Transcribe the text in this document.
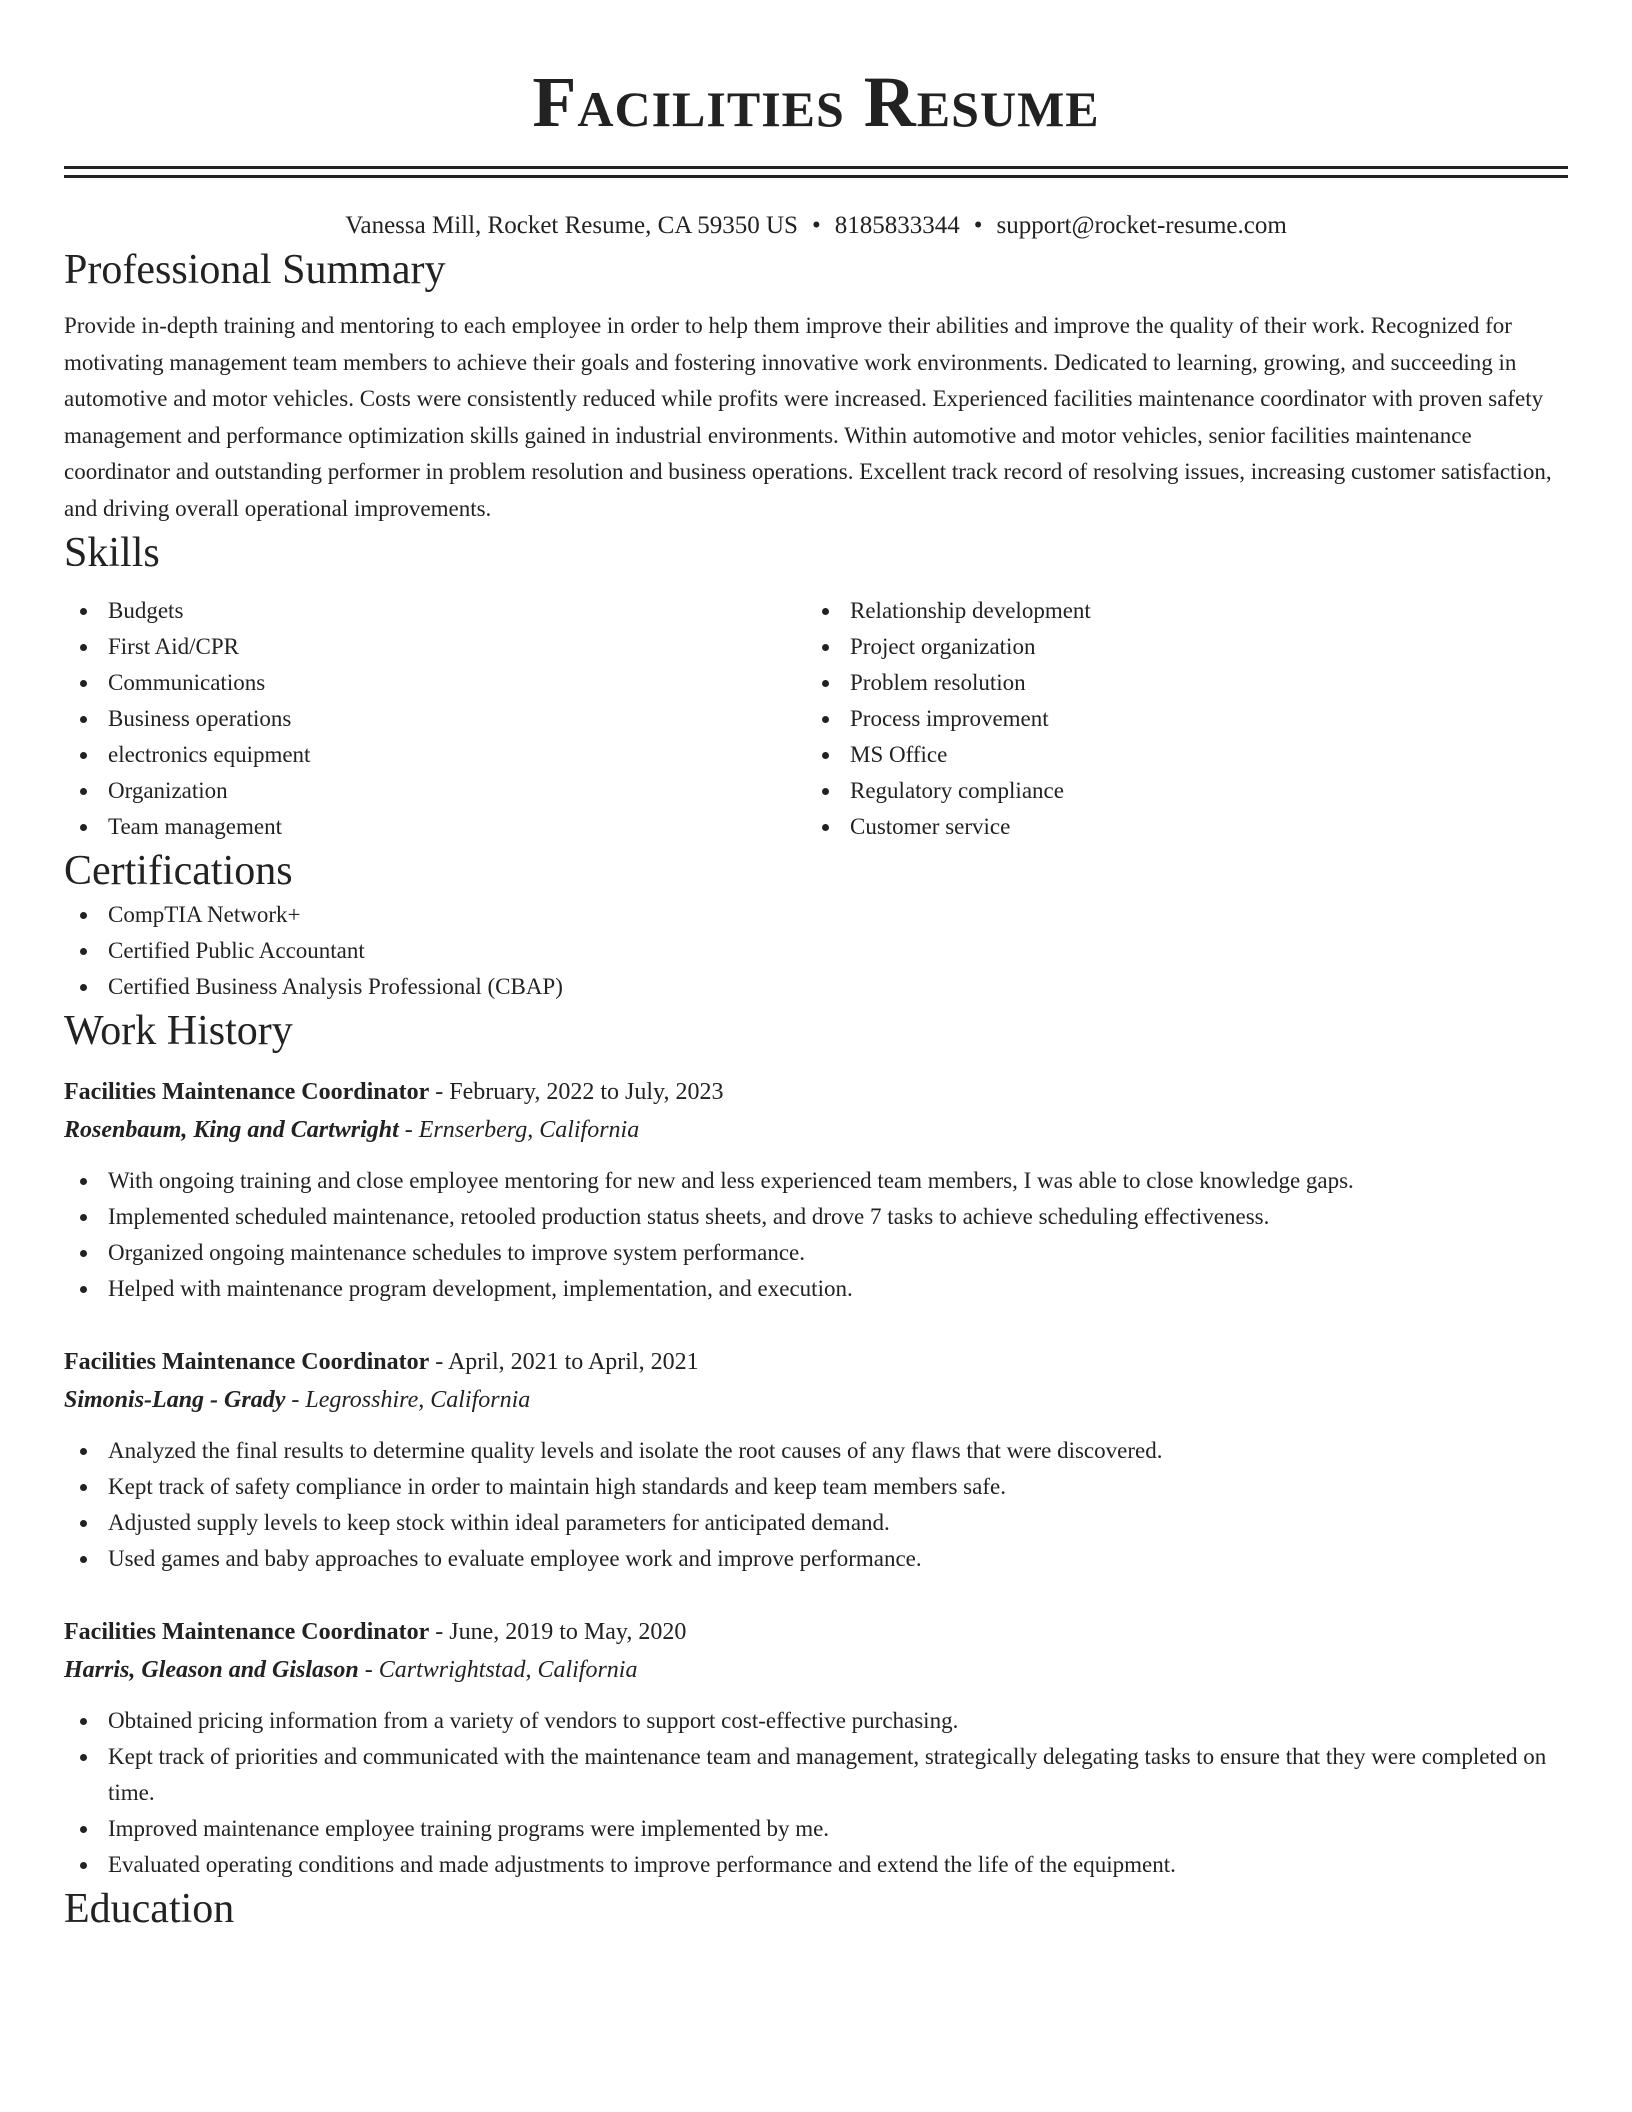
Facilities Resume
Vanessa Mill, Rocket Resume, CA 59350 US • 8185833344 • support@rocket-resume.com
Professional Summary
Provide in-depth training and mentoring to each employee in order to help them improve their abilities and improve the quality of their work. Recognized for motivating management team members to achieve their goals and fostering innovative work environments. Dedicated to learning, growing, and succeeding in automotive and motor vehicles. Costs were consistently reduced while profits were increased. Experienced facilities maintenance coordinator with proven safety management and performance optimization skills gained in industrial environments. Within automotive and motor vehicles, senior facilities maintenance coordinator and outstanding performer in problem resolution and business operations. Excellent track record of resolving issues, increasing customer satisfaction, and driving overall operational improvements.
Skills
Budgets
First Aid/CPR
Communications
Business operations
electronics equipment
Organization
Team management
Relationship development
Project organization
Problem resolution
Process improvement
MS Office
Regulatory compliance
Customer service
Certifications
CompTIA Network+
Certified Public Accountant
Certified Business Analysis Professional (CBAP)
Work History
Facilities Maintenance Coordinator - February, 2022 to July, 2023
Rosenbaum, King and Cartwright - Ernserberg, California
With ongoing training and close employee mentoring for new and less experienced team members, I was able to close knowledge gaps.
Implemented scheduled maintenance, retooled production status sheets, and drove 7 tasks to achieve scheduling effectiveness.
Organized ongoing maintenance schedules to improve system performance.
Helped with maintenance program development, implementation, and execution.
Facilities Maintenance Coordinator - April, 2021 to April, 2021
Simonis-Lang - Grady - Legrosshire, California
Analyzed the final results to determine quality levels and isolate the root causes of any flaws that were discovered.
Kept track of safety compliance in order to maintain high standards and keep team members safe.
Adjusted supply levels to keep stock within ideal parameters for anticipated demand.
Used games and baby approaches to evaluate employee work and improve performance.
Facilities Maintenance Coordinator - June, 2019 to May, 2020
Harris, Gleason and Gislason - Cartwrightstad, California
Obtained pricing information from a variety of vendors to support cost-effective purchasing.
Kept track of priorities and communicated with the maintenance team and management, strategically delegating tasks to ensure that they were completed on time.
Improved maintenance employee training programs were implemented by me.
Evaluated operating conditions and made adjustments to improve performance and extend the life of the equipment.
Education
